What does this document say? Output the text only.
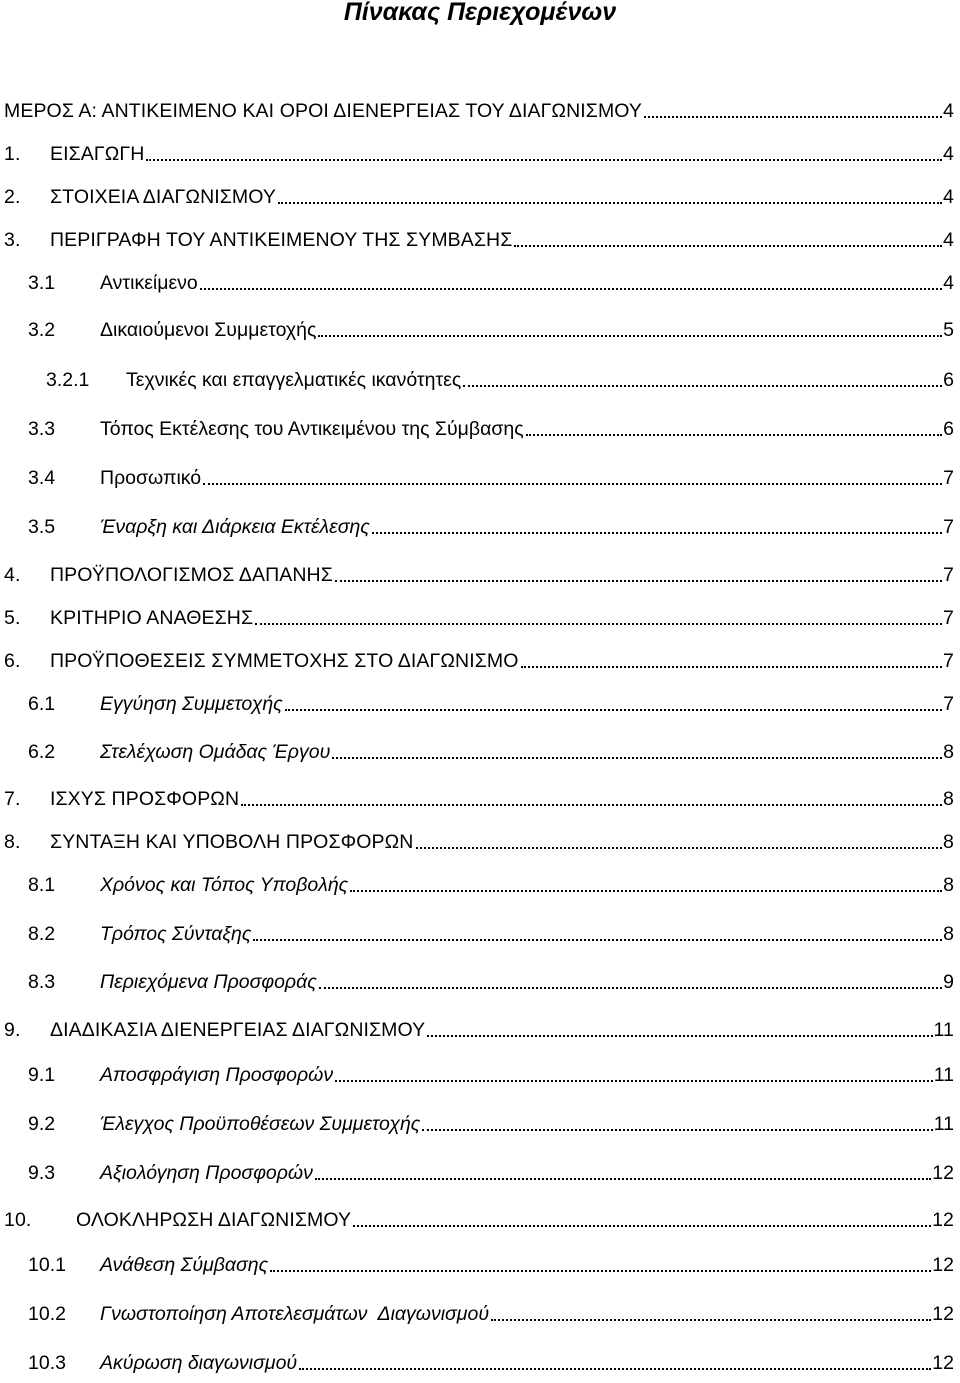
Πίνακας Περιεχομένων
ΜΕΡΟΣ Α: ΑΝΤΙΚΕΙΜΕΝΟ ΚΑΙ ΟΡΟΙ ΔΙΕΝΕΡΓΕΙΑΣ ΤΟΥ ΔΙΑΓΩΝΙΣΜΟΥ	4
1.	ΕΙΣΑΓΩΓΗ	4
2.	ΣΤΟΙΧΕΙΑ ΔΙΑΓΩΝΙΣΜΟΥ	4
3.	ΠΕΡΙΓΡΑΦΗ ΤΟΥ ΑΝΤΙΚΕΙΜΕΝΟΥ ΤΗΣ ΣΥΜΒΑΣΗΣ	4
3.1	Αντικείμενο	4
3.2	Δικαιούμενοι Συμμετοχής	5
3.2.1	Τεχνικές και επαγγελματικές ικανότητες	6
3.3	Τόπος Εκτέλεσης του Αντικειμένου της Σύμβασης	6
3.4	Προσωπικό	7
3.5	Έναρξη και Διάρκεια Εκτέλεσης	7
4.	ΠΡΟΫΠΟΛΟΓΙΣΜΟΣ ΔΑΠΑΝΗΣ	7
5.	ΚΡΙΤΗΡΙΟ ΑΝΑΘΕΣΗΣ	7
6.	ΠΡΟΫΠΟΘΕΣΕΙΣ ΣΥΜΜΕΤΟΧΗΣ ΣΤΟ ΔΙΑΓΩΝΙΣΜΟ	7
6.1	Εγγύηση Συμμετοχής	7
6.2	Στελέχωση Ομάδας Έργου	8
7.	ΙΣΧΥΣ ΠΡΟΣΦΟΡΩΝ	8
8.	ΣΥΝΤΑΞΗ ΚΑΙ ΥΠΟΒΟΛΗ ΠΡΟΣΦΟΡΩΝ	8
8.1	Χρόνος και Τόπος Υποβολής	8
8.2	Τρόπος Σύνταξης	8
8.3	Περιεχόμενα Προσφοράς	9
9.	ΔΙΑΔΙΚΑΣΙΑ ΔΙΕΝΕΡΓΕΙΑΣ ΔΙΑΓΩΝΙΣΜΟΥ	11
9.1	Αποσφράγιση Προσφορών	11
9.2	Έλεγχος Προϋποθέσεων Συμμετοχής	11
9.3	Αξιολόγηση Προσφορών	12
10.	ΟΛΟΚΛΗΡΩΣΗ ΔΙΑΓΩΝΙΣΜΟΥ	12
10.1	Ανάθεση Σύμβασης	12
10.2	Γνωστοποίηση Αποτελεσμάτων  Διαγωνισμού	12
10.3	Ακύρωση διαγωνισμού	12
